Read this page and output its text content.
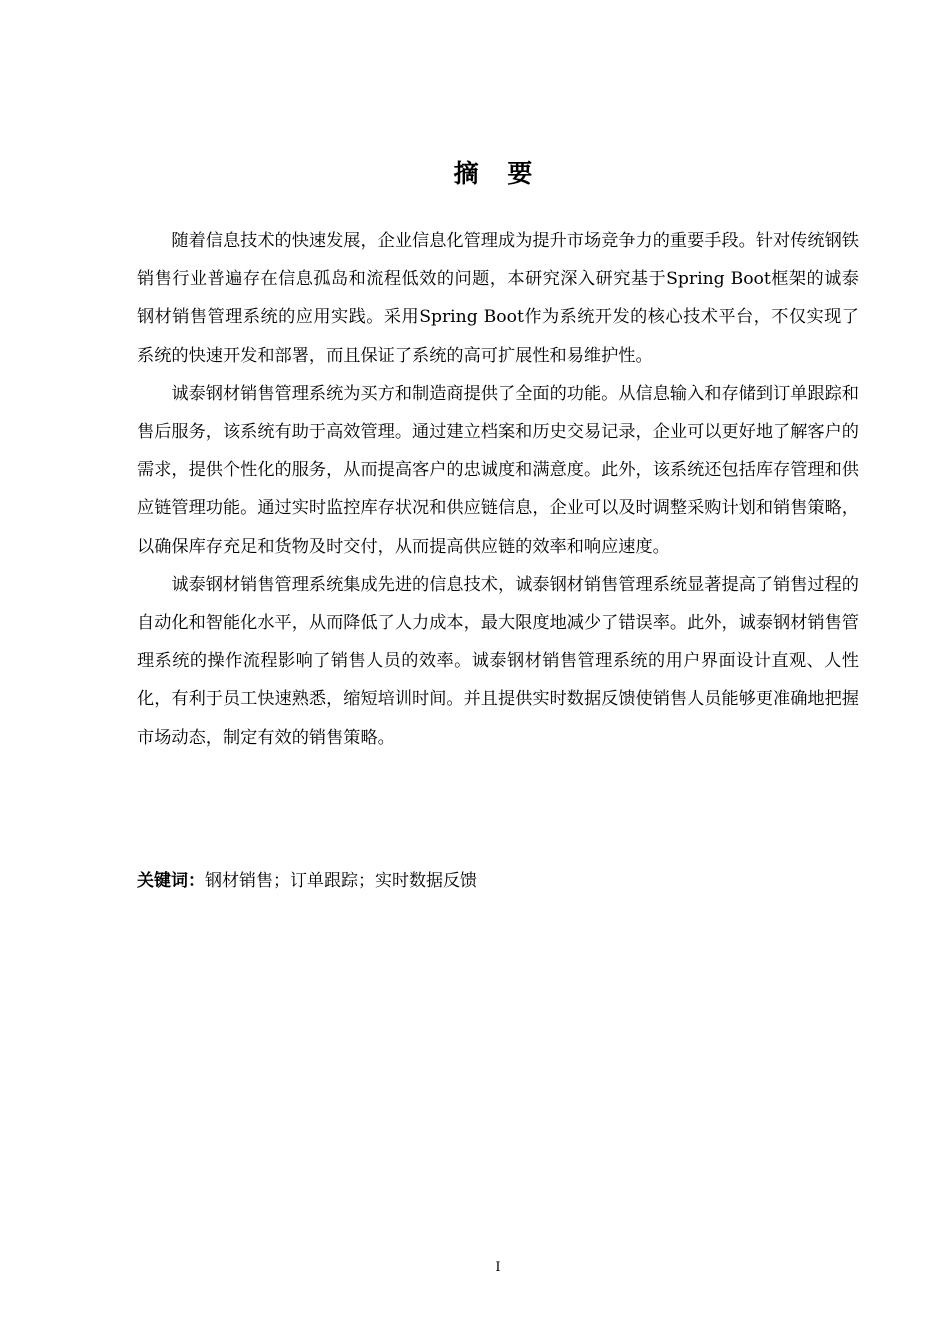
摘 要

随着信息技术的快速发展，企业信息化管理成为提升市场竞争力的重要手段。针对传统钢铁销售行业普遍存在信息孤岛和流程低效的问题，本研究深入研究基于Spring Boot框架的诚泰钢材销售管理系统的应用实践。采用Spring Boot作为系统开发的核心技术平台，不仅实现了系统的快速开发和部署，而且保证了系统的高可扩展性和易维护性。

诚泰钢材销售管理系统为买方和制造商提供了全面的功能。从信息输入和存储到订单跟踪和售后服务，该系统有助于高效管理。通过建立档案和历史交易记录，企业可以更好地了解客户的需求，提供个性化的服务，从而提高客户的忠诚度和满意度。此外，该系统还包括库存管理和供应链管理功能。通过实时监控库存状况和供应链信息，企业可以及时调整采购计划和销售策略，以确保库存充足和货物及时交付，从而提高供应链的效率和响应速度。

诚泰钢材销售管理系统集成先进的信息技术，诚泰钢材销售管理系统显著提高了销售过程的自动化和智能化水平，从而降低了人力成本，最大限度地减少了错误率。此外，诚泰钢材销售管理系统的操作流程影响了销售人员的效率。诚泰钢材销售管理系统的用户界面设计直观、人性化，有利于员工快速熟悉，缩短培训时间。并且提供实时数据反馈使销售人员能够更准确地把握市场动态，制定有效的销售策略。

关键词：钢材销售；订单跟踪；实时数据反馈
I
